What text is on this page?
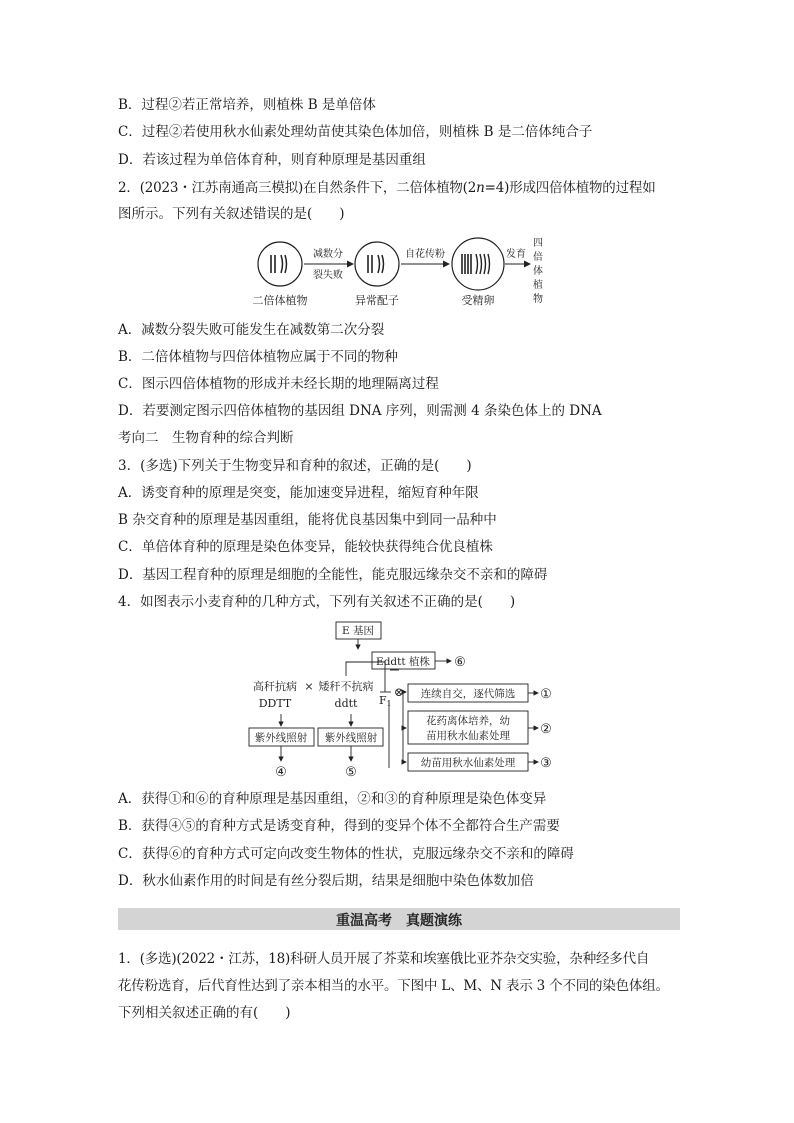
B．过程②若正常培养，则植株 B 是单倍体
C．过程②若使用秋水仙素处理幼苗使其染色体加倍，则植株 B 是二倍体纯合子
D．若该过程为单倍体育种，则育种原理是基因重组
2．(2023・江苏南通高三模拟)在自然条件下，二倍体植物(2n=4)形成四倍体植物的过程如
图所示。下列有关叙述错误的是(　　)
二倍体植物
减数分
裂失败
异常配子
自花传粉
受精卵
发育
四
倍
体
植
物
A．减数分裂失败可能发生在减数第二次分裂
B．二倍体植物与四倍体植物应属于不同的物种
C．图示四倍体植物的形成并未经长期的地理隔离过程
D．若要测定图示四倍体植物的基因组 DNA 序列，则需测 4 条染色体上的 DNA
考向二　生物育种的综合判断
3．(多选)下列关于生物变异和育种的叙述，正确的是(　　)
A．诱变育种的原理是突变，能加速变异进程，缩短育种年限
B 杂交育种的原理是基因重组，能将优良基因集中到同一品种中
C．单倍体育种的原理是染色体变异，能较快获得纯合优良植株
D．基因工程育种的原理是细胞的全能性，能克服远缘杂交不亲和的障碍
4．如图表示小麦育种的几种方式，下列有关叙述不正确的是(　　)
E 基因
Eddtt 植株 ⑥
高秆抗病 × 矮秆不抗病
DDTT	ddtt F1
⊗ 连续自交，逐代筛选 ①
花药离体培养，幼
苗用秋水仙素处理 ②
幼苗用秋水仙素处理 ③
紫外线照射 紫外线照射
④	⑤
A．获得①和⑥的育种原理是基因重组，②和③的育种原理是染色体变异
B．获得④⑤的育种方式是诱变育种，得到的变异个体不全都符合生产需要
C．获得⑥的育种方式可定向改变生物体的性状，克服远缘杂交不亲和的障碍
D．秋水仙素作用的时间是有丝分裂后期，结果是细胞中染色体数加倍
重温高考　真题演练
1．(多选)(2022・江苏，18)科研人员开展了芥菜和埃塞俄比亚芥杂交实验，杂种经多代自
花传粉选育，后代育性达到了亲本相当的水平。下图中 L、M、N 表示 3 个不同的染色体组。
下列相关叙述正确的有(　　)
